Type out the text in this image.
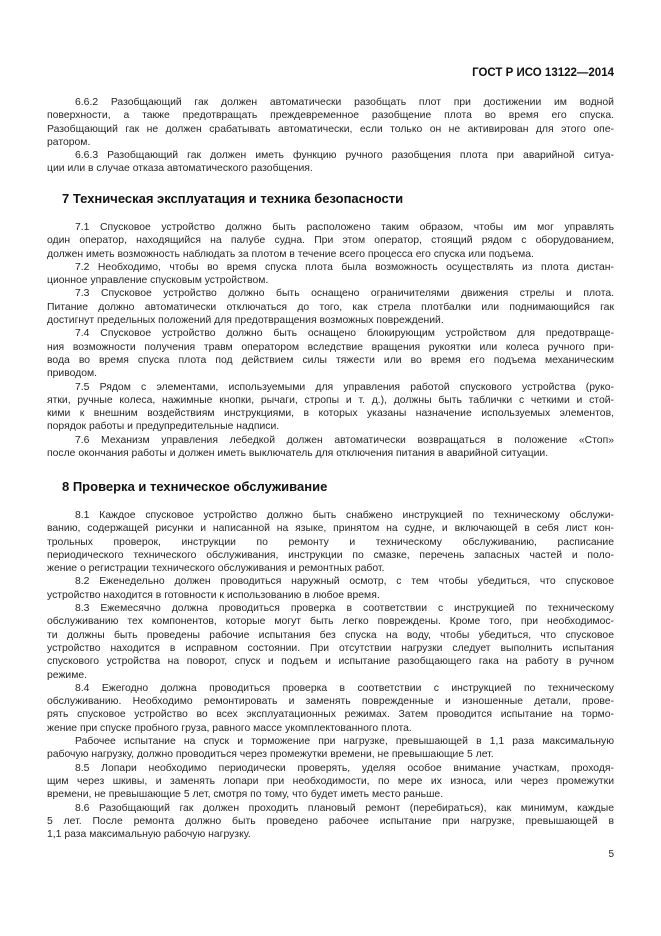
ГОСТ Р ИСО 13122—2014
6.6.2 Разобщающий гак должен автоматически разобщать плот при достижении им водной
поверхности, а также предотвращать преждевременное разобщение плота во время его спуска.
Разобщающий гак не должен срабатывать автоматически, если только он не активирован для этого опе-
ратором.
6.6.3 Разобщающий гак должен иметь функцию ручного разобщения плота при аварийной ситуа-
ции или в случае отказа автоматического разобщения.
7 Техническая эксплуатация и техника безопасности
7.1 Спусковое устройство должно быть расположено таким образом, чтобы им мог управлять
один оператор, находящийся на палубе судна. При этом оператор, стоящий рядом с оборудованием,
должен иметь возможность наблюдать за плотом в течение всего процесса его спуска или подъема.
7.2 Необходимо, чтобы во время спуска плота была возможность осуществлять из плота дистан-
ционное управление спусковым устройством.
7.3 Спусковое устройство должно быть оснащено ограничителями движения стрелы и плота.
Питание должно автоматически отключаться до того, как стрела плотбалки или поднимающийся гак
достигнут предельных положений для предотвращения возможных повреждений.
7.4 Спусковое устройство должно быть оснащено блокирующим устройством для предотвраще-
ния возможности получения травм оператором вследствие вращения рукоятки или колеса ручного при-
вода во время спуска плота под действием силы тяжести или во время его подъема механическим
приводом.
7.5 Рядом с элементами, используемыми для управления работой спускового устройства (руко-
ятки, ручные колеса, нажимные кнопки, рычаги, стропы и т. д.), должны быть таблички с четкими и стой-
кими к внешним воздействиям инструкциями, в которых указаны назначение используемых элементов,
порядок работы и предупредительные надписи.
7.6 Механизм управления лебедкой должен автоматически возвращаться в положение «Стоп»
после окончания работы и должен иметь выключатель для отключения питания в аварийной ситуации.
8 Проверка и техническое обслуживание
8.1 Каждое спусковое устройство должно быть снабжено инструкцией по техническому обслужи-
ванию, содержащей рисунки и написанной на языке, принятом на судне, и включающей в себя лист кон-
трольных проверок, инструкции по ремонту и техническому обслуживанию, расписание
периодического технического обслуживания, инструкции по смазке, перечень запасных частей и поло-
жение о регистрации технического обслуживания и ремонтных работ.
8.2 Еженедельно должен проводиться наружный осмотр, с тем чтобы убедиться, что спусковое
устройство находится в готовности к использованию в любое время.
8.3 Ежемесячно должна проводиться проверка в соответствии с инструкцией по техническому
обслуживанию тех компонентов, которые могут быть легко повреждены. Кроме того, при необходимос-
ти должны быть проведены рабочие испытания без спуска на воду, чтобы убедиться, что спусковое
устройство находится в исправном состоянии. При отсутствии нагрузки следует выполнить испытания
спускового устройства на поворот, спуск и подъем и испытание разобщающего гака на работу в ручном
режиме.
8.4 Ежегодно должна проводиться проверка в соответствии с инструкцией по техническому
обслуживанию. Необходимо ремонтировать и заменять поврежденные и изношенные детали, прове-
рять спусковое устройство во всех эксплуатационных режимах. Затем проводится испытание на тормо-
жение при спуске пробного груза, равного массе укомплектованного плота.
Рабочее испытание на спуск и торможение при нагрузке, превышающей в 1,1 раза максимальную
рабочую нагрузку, должно проводиться через промежутки времени, не превышающие 5 лет.
8.5 Лопари необходимо периодически проверять, уделяя особое внимание участкам, проходя-
щим через шкивы, и заменять лопари при необходимости, по мере их износа, или через промежутки
времени, не превышающие 5 лет, смотря по тому, что будет иметь место раньше.
8.6 Разобщающий гак должен проходить плановый ремонт (перебираться), как минимум, каждые
5 лет. После ремонта должно быть проведено рабочее испытание при нагрузке, превышающей в
1,1 раза максимальную рабочую нагрузку.
5
